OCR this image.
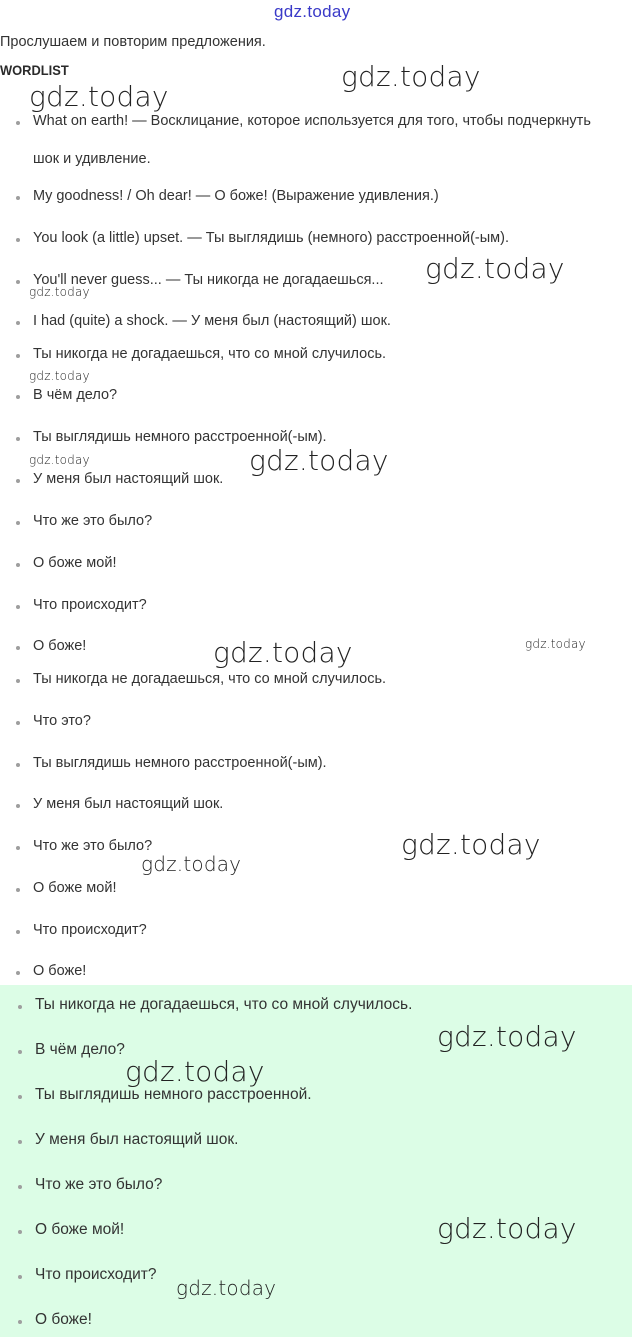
gdz.today
Прослушаем и повторим предложения.
WORDLIST
What on earth! — Восклицание, которое используется для того, чтобы подчеркнуть шок и удивление.
My goodness! / Oh dear! — О боже! (Выражение удивления.)
You look (a little) upset. — Ты выглядишь (немного) расстроенной(-ым).
You'll never guess... — Ты никогда не догадаешься...
I had (quite) a shock. — У меня был (настоящий) шок.
Ты никогда не догадаешься, что со мной случилось.
В чём дело?
Ты выглядишь немного расстроенной(-ым).
У меня был настоящий шок.
Что же это было?
О боже мой!
Что происходит?
О боже!
Ты никогда не догадаешься, что со мной случилось.
Что это?
Ты выглядишь немного расстроенной(-ым).
У меня был настоящий шок.
Что же это было?
О боже мой!
Что происходит?
О боже!
Ты никогда не догадаешься, что со мной случилось.
В чём дело?
Ты выглядишь немного расстроенной.
У меня был настоящий шок.
Что же это было?
О боже мой!
Что происходит?
О боже!
gdz.today
gdz.today
gdz.today
gdz.today
gdz.today
gdz.today	gdz.today
gdz.today
gdz.today
gdz.today
gdz.today
gdz.today
gdz.today
gdz.today
gdz.today
